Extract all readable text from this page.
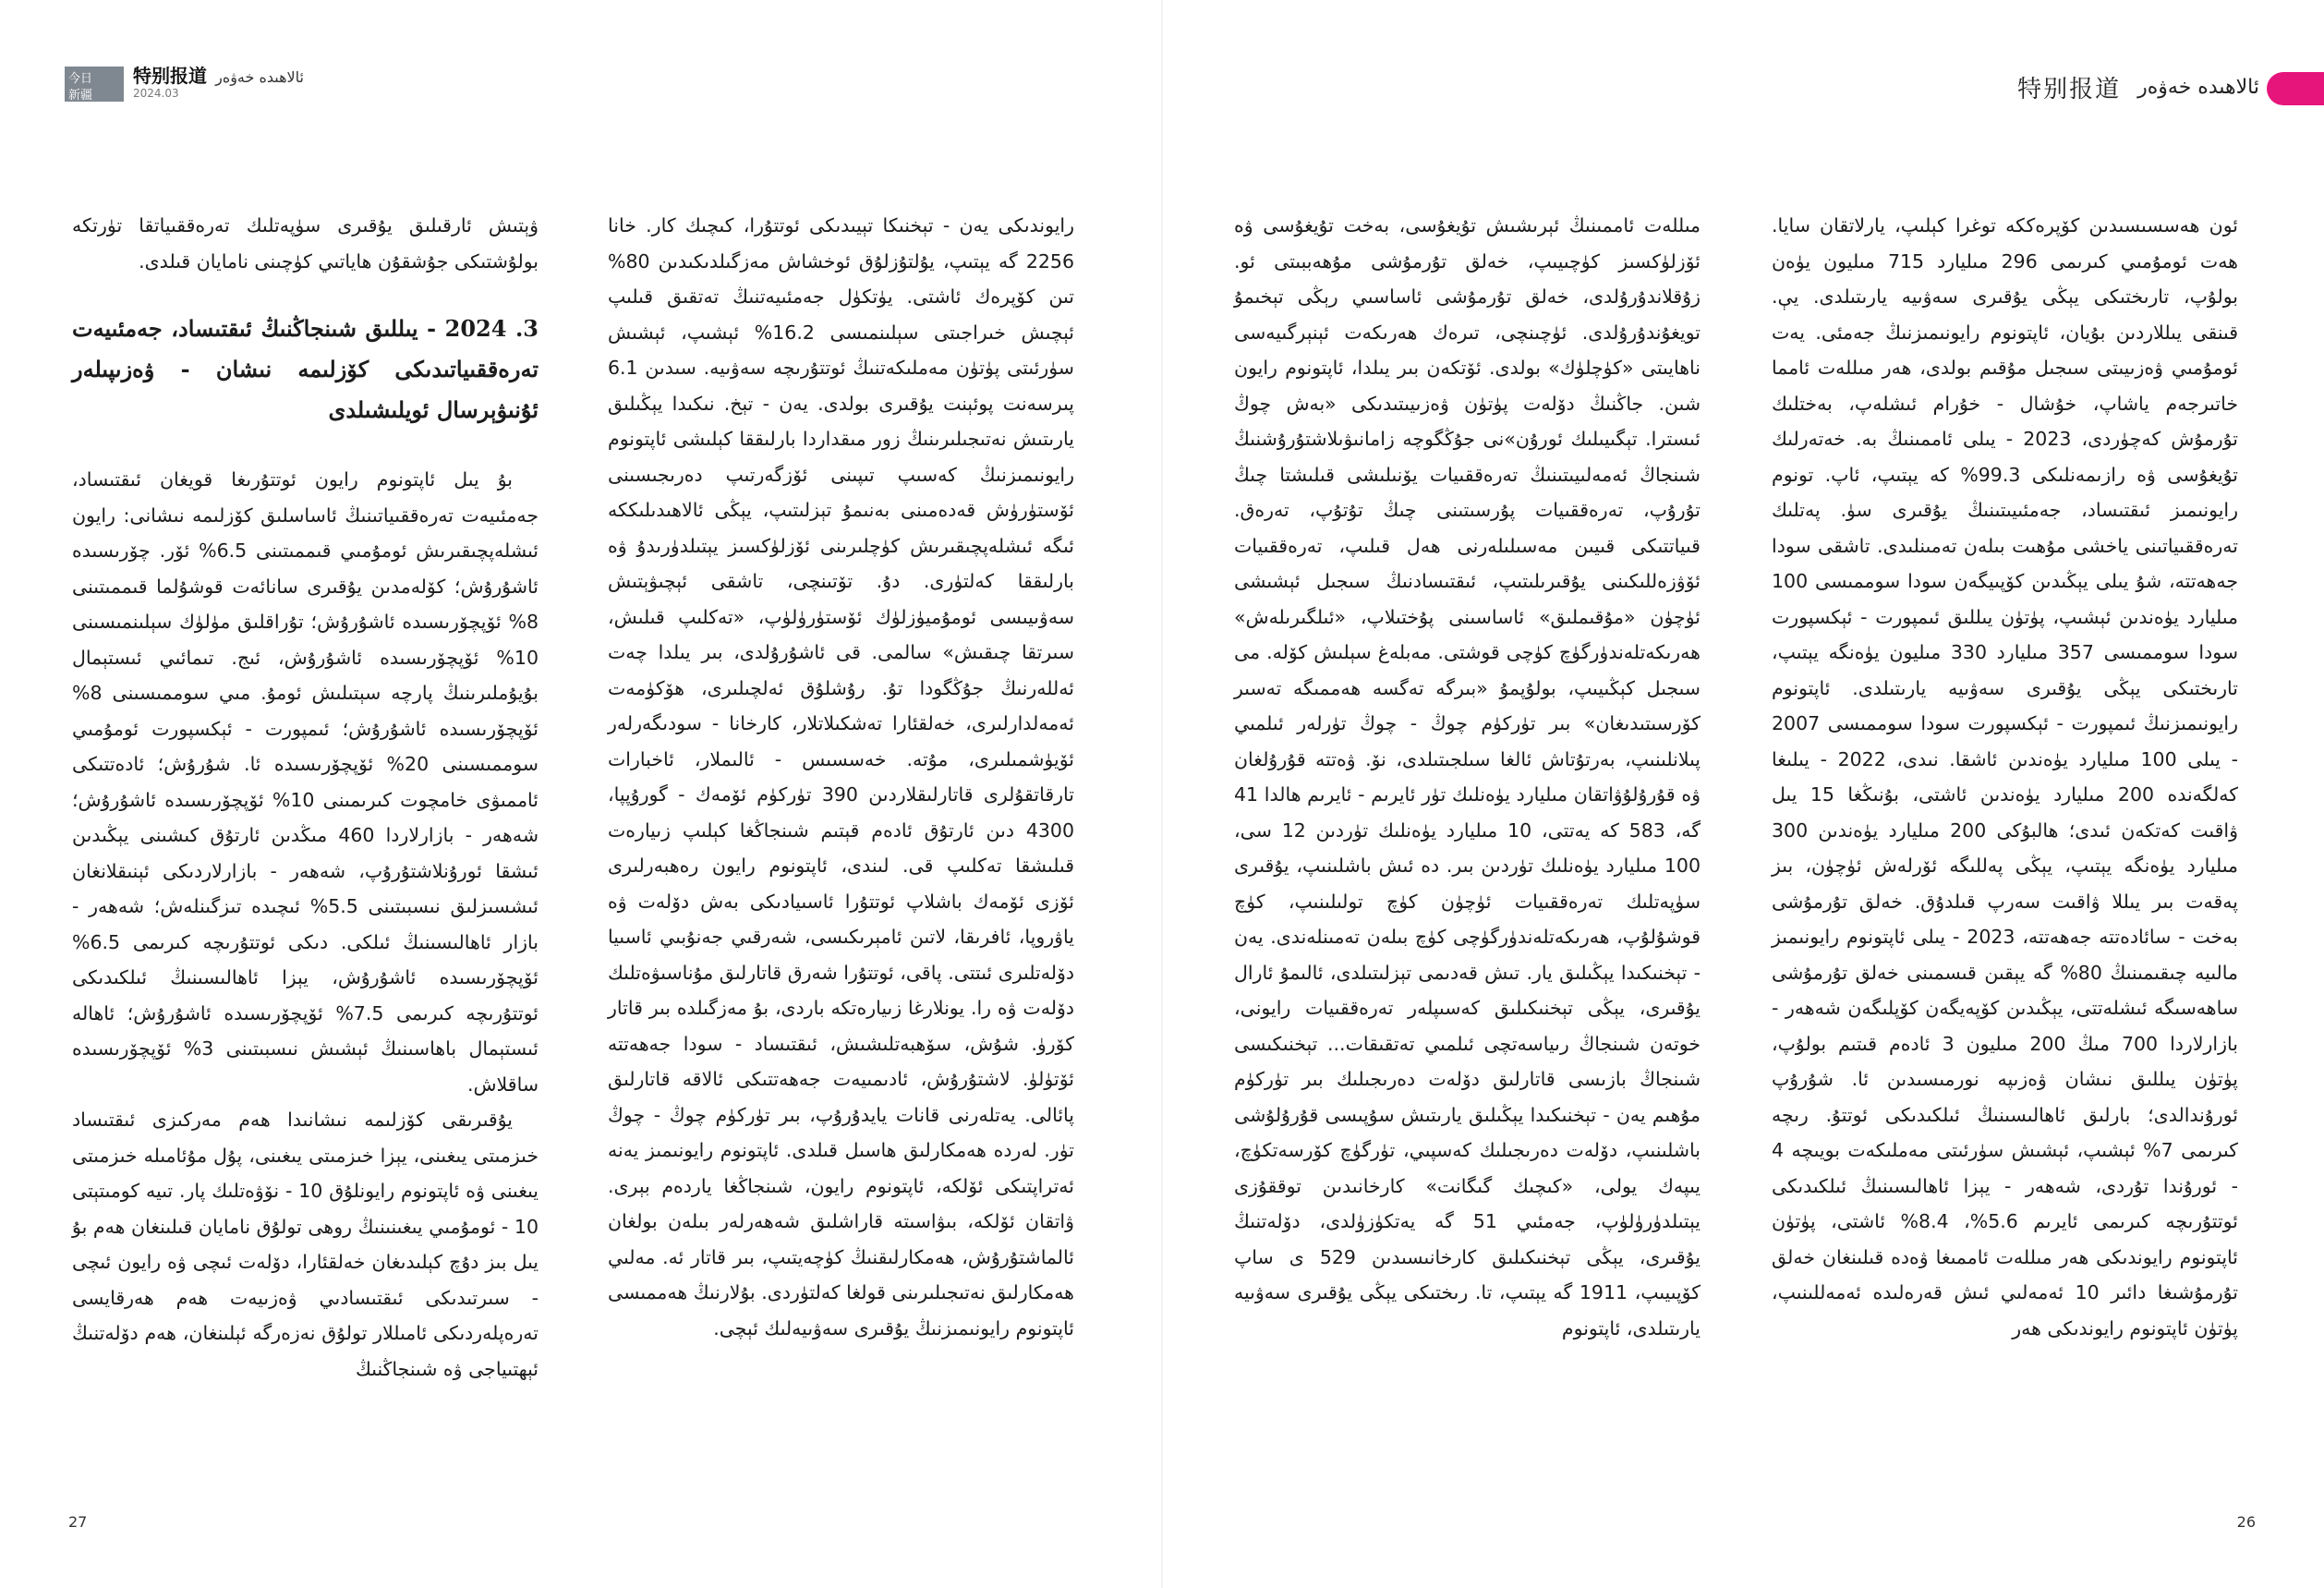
今日
新疆
特别报道 ئالاھىدە خەۋەر
2024.03

ۋېتىش ئارقىلىق يۇقىرى سۈپەتلىك تەرەققىياتقا تۈرتكە بولۇشتىكى جۇشقۇن ھاياتىي كۈچىنى نامايان قىلدى.

3. 2024 - يىللىق شىنجاڭنىڭ ئىقتىساد، جەمئىيەت تەرەققىياتىدىكى كۆزلىمە نىشان - ۋەزىپىلەر ئۇنىۋېرسال ئويلىشىلدى

بۇ يىل ئاپتونوم رايون ئوتتۇرىغا قويغان ئىقتىساد، جەمئىيەت تەرەققىياتىنىڭ ئاساسلىق كۆزلىمە نىشانى: رايون ئىشلەپچىقىرىش ئومۇمىي قىممىتىنى 6.5% ئۆر. چۆرىسىدە ئاشۇرۇش؛ كۆلەمدىن يۇقىرى سانائەت قوشۇلما قىممىتىنى 8% ئۆپچۆرىسىدە ئاشۇرۇش؛ تۇراقلىق مۈلۈك سېلىنمىسىنى 10% ئۆپچۆرىسىدە ئاشۇرۇش، ئىج. تىمائىي ئىستېمال بۇيۇملىرىنىڭ پارچە سېتىلىش ئومۇ. مىي سوممىسىنى 8% ئۆپچۆرىسىدە ئاشۇرۇش؛ ئىمپورت - ئېكسپورت ئومۇمىي سوممىسىنى 20% ئۆپچۆرىسىدە ئا. شۇرۇش؛ ئادەتتىكى ئاممىۋى خامچوت كىرىمىنى 10% ئۆپچۆرىسىدە ئاشۇرۇش؛ شەھەر - بازارلاردا 460 مىڭدىن ئارتۇق كىشىنى يېڭىدىن ئىشقا ئورۇنلاشتۇرۇپ، شەھەر - بازارلاردىكى ئېنىقلانغان ئىشسىزلىق نىسبىتىنى 5.5% ئىچىدە تىزگىنلەش؛ شەھەر - بازار ئاھالىسىنىڭ ئىلكى. دىكى ئوتتۇرىچە كىرىمى 6.5% ئۆپچۆرىسىدە ئاشۇرۇش، يېزا ئاھالىسىنىڭ ئىلكىدىكى ئوتتۇرىچە كىرىمى 7.5% ئۆپچۆرىسىدە ئاشۇرۇش؛ ئاھالە ئىستېمال باھاسىنىڭ ئېشىش نىسبىتىنى 3% ئۆپچۆرىسىدە ساقلاش.

يۇقىرىقى كۆزلىمە نىشانىدا ھەم مەركىزى ئىقتىساد خىزمىتى يىغىنى، يېزا خىزمىتى يىغىنى، پۇل مۇئامىلە خىزمىتى يىغىنى ۋە ئاپتونوم رايونلۇق 10 - نۆۋەتلىك پار. تىيە كومىتېتى 10 - ئومۇمىي يىغىنىنىڭ روھى تولۇق نامايان قىلىنغان ھەم بۇ يىل بىز دۇچ كېلىدىغان خەلقئارا، دۆلەت ئىچى ۋە رايون ئىچى - سىرتىدىكى ئىقتىسادىي ۋەزىيەت ھەم ھەرقايسى تەرەپلەردىكى ئامىللار تولۇق نەزەرگە ئېلىنغان، ھەم دۆلەتنىڭ ئېھتىياجى ۋە شىنجاڭنىڭ

رايوندىكى يەن - تېخنىكا تېيىدىكى ئوتتۇرا، كىچىك كار. خانا 2256 گە يېتىپ، يۇلتۇزلۇق ئوخشاش مەزگىلدىكىدىن 80% تىن كۆپرەك ئاشتى. يۈتكۈل جەمئىيەتنىڭ تەتقىق قىلىپ ئېچىش خىراجىتى سېلىنمىسى 16.2% ئېشىپ، ئېشىش سۈرئىتى پۈتۈن مەملىكەتنىڭ ئوتتۇرىچە سەۋىيە. سىدىن 6.1 پىرسەنت پوئېنت يۇقىرى بولدى. يەن - تېخ. نىكىدا يېڭىلىق يارىتىش نەتىجىلىرىنىڭ زور مىقداردا بارلىققا كېلىشى ئاپتونوم رايونىمىزنىڭ كەسىپ تىپىنى ئۆزگەرتىپ دەرىجىسىنى ئۆستۈرۈش قەدەمىنى بەنىمۇ تېزلىتىپ، يېڭى ئالاھىدىلىككە ئىگە ئىشلەپچىقىرىش كۈچلىرىنى ئۆزلۈكسىز يېتىلدۈرىدۇ ۋە بارلىققا كەلتۈرى. دۇ. تۆتىنچى، تاشقى ئېچىۋېتىش سەۋىيىسى ئومۇميۈزلۈك ئۆستۈرۈلۈپ، «تەكلىپ قىلىش، سىرتقا چىقىش» سالمى. قى ئاشۇرۇلدى، بىر يىلدا چەت ئەللەرنىڭ جۇڭگودا تۇ. رۇشلۇق ئەلچىلىرى، ھۆكۈمەت ئەمەلدارلىرى، خەلقئارا تەشكىلاتلار، كارخانا - سودىگەرلەر ئۆيۈشمىلىرى، مۇتە. خەسسىس - ئالىملار، ئاخبارات تارقاتقۇلرى قاتارلىقلاردىن 390 تۈركۈم ئۆمەك - گورۇپپا، 4300 دىن ئارتۇق ئادەم قېتىم شىنجاڭغا كېلىپ زىيارەت قىلىشقا تەكلىپ قى. لىندى، ئاپتونوم رايون رەھبەرلىرى ئۆزى ئۆمەك باشلاپ ئوتتۇرا ئاسىيادىكى بەش دۆلەت ۋە ياۋروپا، ئافرىقا، لاتىن ئامېرىكىسى، شەرقىي جەنۇبىي ئاسىيا دۆلەتلىرى ئىتتى. پاقى، ئوتتۇرا شەرق قاتارلىق مۇناسىۋەتلىك دۆلەت ۋە را. يونلارغا زىيارەتكە باردى، بۇ مەزگىلدە بىر قاتار كۆرۈ. شۇش، سۆھبەتلىشىش، ئىقتىساد - سودا جەھەتتە ئۆتۈلۈ. لاشتۇرۇش، ئادىمىيەت جەھەتتىكى ئالاقە قاتارلىق پائالى. يەتلەرنى قانات يايدۇرۇپ، بىر تۈركۈم چوڭ - چوڭ تۈر. لەردە ھەمكارلىق ھاسىل قىلدى. ئاپتونوم رايونىمىز يەنە ئەتراپتىكى ئۆلكە، ئاپتونوم رايون، شىنجاڭغا ياردەم بېرى. ۋاتقان ئۆلكە، بىۋاسىتە قاراشلىق شەھەرلەر بىلەن بولغان ئالماشتۇرۇش، ھەمكارلىقنىڭ كۈچەيتىپ، بىر قاتار ئە. مەلىي ھەمكارلىق نەتىجىلىرىنى قولغا كەلتۈردى. بۇلارنىڭ ھەممىسى ئاپتونوم رايونىمىزنىڭ يۇقىرى سەۋىيەلىك ئېچى.

27
特别报道 ئالاھىدە خەۋەر

مىللەت ئاممىنىڭ ئېرىشىش تۇيغۇسى، بەخت تۇيغۇسى ۋە ئۆزلۈكسىز كۈچىيىپ، خەلق تۇرمۇشى مۇھەببىتى ئو. زۇقلاندۇرۇلدى، خەلق تۇرمۇشى ئاساسىي رېڭى تېخىمۇ تويغۇندۇرۇلدى. ئۈچىنچى، تىرەك ھەرىكەت ئېنېرگىيەسى ناھايىتى «كۈچلۈك» بولدى. ئۆتكەن بىر يىلدا، ئاپتونوم رايون شىن. جاڭنىڭ دۆلەت پۈتۈن ۋەزىيىتىدىكى «بەش چوڭ ئىسترا. تېگىيىلىك ئورۇن»نى جۇڭگوچە زامانىۋىلاشتۇرۇشنىڭ شىنجاڭ ئەمەلىيىتىنىڭ تەرەققىيات يۆنىلىشى قىلىشتا چىڭ تۇرۇپ، تەرەققىيات پۇرسىتىنى چىڭ تۇتۇپ، تەرەق. قىياتتىكى قىيىن مەسىلىلەرنى ھەل قىلىپ، تەرەققىيات ئۆۋزەللىكىنى يۇقىرىلىتىپ، ئىقتىسادنىڭ سىجىل ئېشىشى ئۈچۈن «مۇقىملىق» ئاساسىنى پۇختىلاپ، «ئىلگىرىلەش» ھەرىكەتلەندۈرگۈچ كۈچى قوشتى. مەبلەغ سېلىش كۆلە. مى سىجىل كېڭىيىپ، بولۇپمۇ «بىرگە تەگسە ھەممىگە تەسىر كۆرسىتىدىغان» بىر تۈركۈم چوڭ - چوڭ تۈرلەر ئىلمىي پىلانلىنىپ، بەرتۇتاش ئالغا سىلجىتىلدى، نۆ. ۋەتتە قۇرۇلغان ۋە قۇرۇلۇۋاتقان مىليارد يۈەنلىك تۈر ئايرىم - ئايرىم ھالدا 41 گە، 583 كە يەتتى، 10 مىليارد يۈەنلىك تۈردىن 12 سى، 100 مىليارد يۈەنلىك تۈردىن بىر. دە ئىش باشلىنىپ، يۇقىرى سۈپەتلىك تەرەققىيات ئۈچۈن كۈچ تولىلىنىپ، كۈچ قوشۇلۇپ، ھەرىكەتلەندۈرگۈچى كۈچ بىلەن تەمىنلەندى. يەن - تېخنىكىدا يېڭىلىق يار. تىش قەدىمى تېزلىتىلدى، ئالىمۇ ئارال يۇقىرى، يېڭى تېخنىكىلىق كەسىپلەر تەرەققىيات رايونى، خوتەن شىنجاڭ رىياسەتچى ئىلمىي تەتقىقات... تېخنىكىسى شىنجاڭ بازىسى قاتارلىق دۆلەت دەرىجىلىك بىر تۈركۈم مۇھىم يەن - تېخنىكىدا يېڭىلىق يارىتىش سۇپىسى قۇرۇلۇشى باشلىنىپ، دۆلەت دەرىجىلىك كەسپىي، تۈرگۈچ كۆرسەتكۈچ، يىپەك يولى، «كىچىك گىگانت» كارخانىدىن توققۇزى يېتىلدۈرۈلۈپ، جەمئىي 51 گە يەتكۈزۈلدى، دۆلەتنىڭ يۇقىرى، يېڭى تېخنىكىلىق كارخانىسىدىن 529 ى ساپ كۆپىيىپ، 1911 گە يېتىپ، تا. رىختىكى يېڭى يۇقىرى سەۋىيە يارىتىلدى، ئاپتونوم

ئون ھەسسىسىدىن كۆپرەككە توغرا كېلىپ، يارلاتقان سايا. ھەت ئومۇمىي كىرىمى 296 مىليارد 715 مىليون يۈەن بولۇپ، تارىختىكى يېڭى يۇقىرى سەۋىيە يارىتىلدى. يې. قىنقى يىللاردىن بۇيان، ئاپتونوم رايونىمىزنىڭ جەمئى. يەت ئومۇمىي ۋەزىيىتى سىجىل مۇقىم بولدى، ھەر مىللەت ئامما خاتىرجەم ياشاپ، خۇشال - خۇرام ئىشلەپ، بەختلىك تۇرمۇش كەچۈردى، 2023 - يىلى ئاممىنىڭ بە. خەتەرلىك تۇيغۇسى ۋە رازىمەنلىكى 99.3% كە يېتىپ، ئاپ. تونوم رايونىمىز ئىقتىساد، جەمئىيىتىنىڭ يۇقىرى سۈ. پەتلىك تەرەققىياتىنى ياخشى مۇھىت بىلەن تەمىنلىدى. تاشقى سودا جەھەتتە، شۇ يىلى يېڭىدىن كۆپىيگەن سودا سوممىسى 100 مىليارد يۈەندىن ئېشىپ، پۈتۈن يىللىق ئىمپورت - ئېكسپورت سودا سوممىسى 357 مىليارد 330 مىليون يۈەنگە يېتىپ، تارىختىكى يېڭى يۇقىرى سەۋىيە يارىتىلدى. ئاپتونوم رايونىمىزنىڭ ئىمپورت - ئېكسپورت سودا سوممىسى 2007 - يىلى 100 مىليارد يۈەندىن ئاشقا. نىدى، 2022 - يىلىغا كەلگەندە 200 مىليارد يۈەندىن ئاشتى، بۇنىڭغا 15 يىل ۋاقىت كەتكەن ئىدى؛ ھالبۇكى 200 مىليارد يۈەندىن 300 مىليارد يۈەنگە يېتىپ، يېڭى پەللىگە ئۆرلەش ئۈچۈن، بىز پەقەت بىر يىللا ۋاقىت سەرپ قىلدۇق. خەلق تۇرمۇشى بەخت - سائادەتتە جەھەتتە، 2023 - يىلى ئاپتونوم رايونىمىز مالىيە چىقىمىنىڭ 80% گە يېقىن قىسمىنى خەلق تۇرمۇشى ساھەسىگە ئىشلەتتى، يېڭىدىن كۆپەيگەن كۆپلىگەن شەھەر - بازارلاردا 700 مىڭ 200 مىليون 3 ئادەم قىتىم بولۇپ، پۈتۈن يىللىق نىشان ۋەزىپە نورمىسىدىن ئا. شۇرۇپ ئورۇندالدى؛ بارلىق ئاھالىسىنىڭ ئىلكىدىكى ئوتتۇ. رىچە كىرىمى 7% ئېشىپ، ئېشىش سۈرئىتى مەملىكەت بويىچە 4 - ئورۇندا تۇردى، شەھەر - يېزا ئاھالىسىنىڭ ئىلكىدىكى ئوتتۇرىچە كىرىمى ئايرىم 5.6%، 8.4% ئاشتى، پۈتۈن ئاپتونوم رايوندىكى ھەر مىللەت ئاممىغا ۋەدە قىلىنغان خەلق تۇرمۇشىغا دائىر 10 ئەمەلىي ئىش قەرەلىدە ئەمەللىنىپ، پۈتۈن ئاپتونوم رايوندىكى ھەر

26
